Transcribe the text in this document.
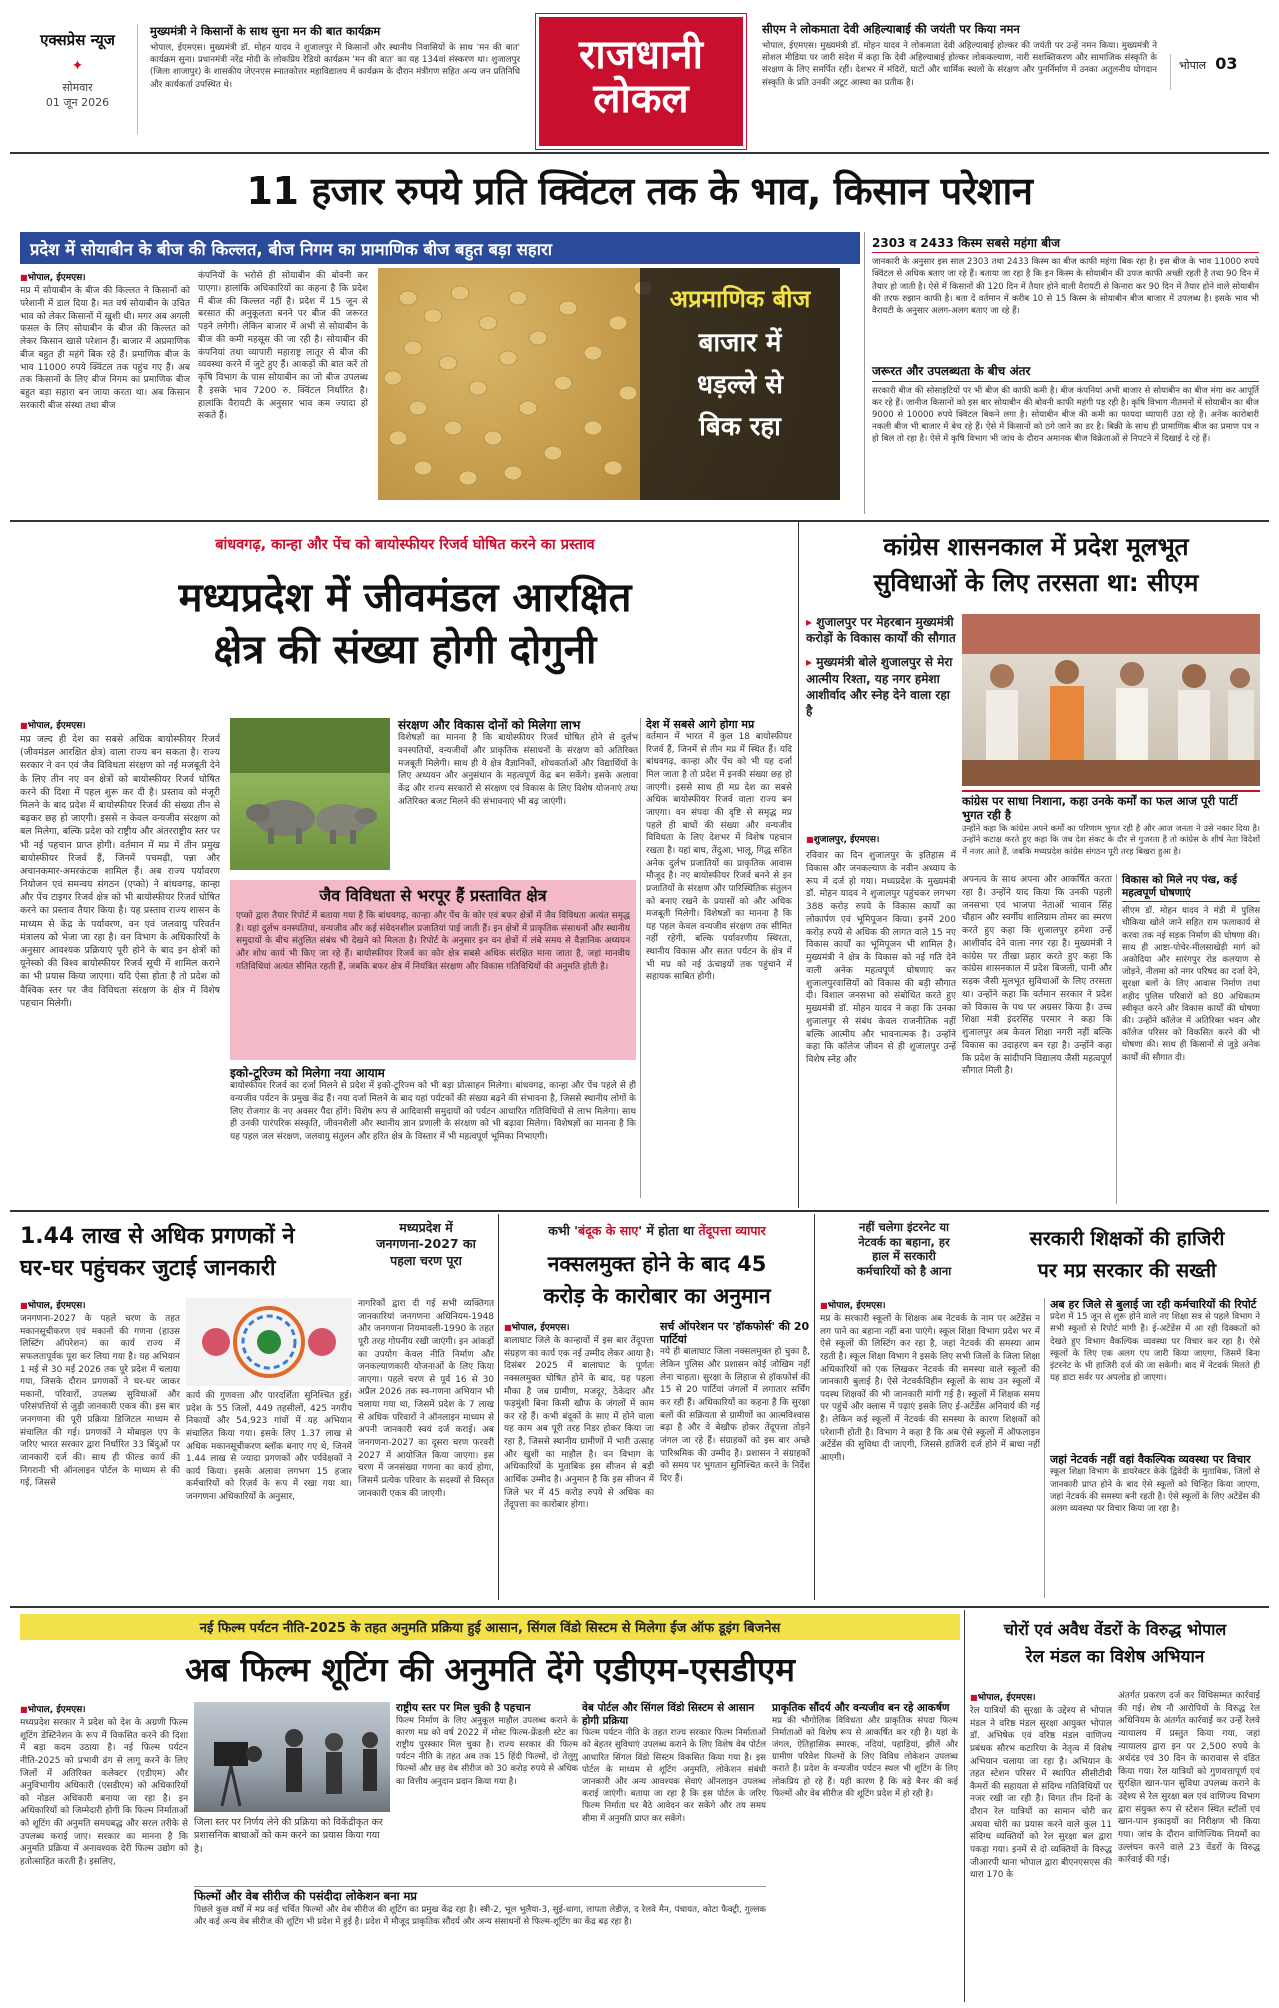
एक्सप्रेस न्यूज
✦
सोमवार
01 जून 2026
मुख्यमंत्री ने किसानों के साथ सुना मन की बात कार्यक्रम
भोपाल, ईएमएस। मुख्यमंत्री डॉ. मोहन यादव ने शुजालपुर में किसानों और स्थानीय निवासियों के साथ 'मन की बात' कार्यक्रम सुना। प्रधानमंत्री नरेंद्र मोदी के लोकप्रिय रेडियो कार्यक्रम 'मन की बात' का यह 134वां संस्करण था। शुजालपुर (जिला शाजापुर) के शासकीय जेएनएस स्नातकोत्तर महाविद्यालय में कार्यक्रम के दौरान मंत्रीगण सहित अन्य जन प्रतिनिधि और कार्यकर्ता उपस्थित थे।
राजधानी
लोकल
सीएम ने लोकमाता देवी अहिल्याबाई की जयंती पर किया नमन
भोपाल, ईएमएस। मुख्यमंत्री डॉ. मोहन यादव ने लोकमाता देवी अहिल्याबाई होल्कर की जयंती पर उन्हें नमन किया। मुख्यमंत्री ने सोशल मीडिया पर जारी संदेश में कहा कि देवी अहिल्याबाई होल्कर लोककल्याण, नारी सशक्तिकरण और सामाजिक संस्कृति के संरक्षण के लिए समर्पित रहीं। देशभर में मंदिरों, घाटों और धार्मिक स्थलों के संरक्षण और पुनर्निर्माण में उनका अतुलनीय योगदान संस्कृति के प्रति उनकी अटूट आस्था का प्रतीक है।
भोपाल 03
11 हजार रुपये प्रति क्विंटल तक के भाव, किसान परेशान
प्रदेश में सोयाबीन के बीज की किल्लत, बीज निगम का प्रामाणिक बीज बहुत बड़ा सहारा
■ भोपाल, ईएमएस।
मप्र में सोयाबीन के बीज की किल्लत ने किसानों को परेशानी में डाल दिया है। मत वर्ष सोयाबीन के उचित भाव को लेकर किसानों में खुशी थी। मगर अब अगली फसल के लिए सोयाबीन के बीज की किल्लत को लेकर किसान खासे परेशान हैं। बाजार में अप्रमाणिक बीज बहुत ही महंगे बिक रहे हैं। प्रमाणिक बीज के भाव 11000 रुपये क्विंटल तक पहुंच गए हैं। अब तक किसानों के लिए बीज निगम का प्रमाणिक बीज बहुत बड़ा सहारा बन जाया करता था। अब किसान सरकारी बीज संस्था तथा बीज
कंपनियों के भरोसे ही सोयाबीन की बोवनी कर पाएगा। हालांकि अधिकारियों का कहना है कि प्रदेश में बीज की किल्लत नहीं है। प्रदेश में 15 जून से बरसात की अनुकूलता बनने पर बीज की जरूरत पड़ने लगेगी। लेकिन बाजार में अभी से सोयाबीन के बीज की कमी महसूस की जा रही है। सोयाबीन की कंपनियां तथा व्यापारी महाराष्ट्र लातूर से बीज की व्यवस्था करने में जुटे हुए हैं। आकड़ों की बात करें तो कृषि विभाग के पास सोयाबीन का जो बीज उपलब्ध है इसके भाव 7200 रु. क्विंटल निर्धारित है। हालांकि वैरायटी के अनुसार भाव कम ज्यादा हो सकते हैं।
अप्रमाणिक बीज
बाजार में
धड़ल्ले से
बिक रहा
2303 व 2433 किस्म सबसे महंगा बीज
जानकारी के अनुसार इस साल 2303 तथा 2433 किस्म का बीज काफी महंगा बिक रहा है। इस बीज के भाव 11000 रुपये क्विंटल से अधिक बताए जा रहे हैं। बताया जा रहा है कि इन किस्म के सोयाबीन की उपज काफी अच्छी रहती है तथा 90 दिन में तैयार हो जाती है। ऐसे में किसानों की 120 दिन में तैयार होने वाली वैरायटी से किनारा कर 90 दिन में तैयार होने वाले सोयाबीन की तरफ रुझान काफी है। बता दें वर्तमान में करीब 10 से 15 किस्म के सोयाबीन बीज बाजार में उपलब्ध है। इसके भाव भी वैरायटी के अनुसार अलग-अलग बताए जा रहे हैं।
जरूरत और उपलब्धता के बीच अंतर
सरकारी बीज की सोसाइटियों पर भी बीज की काफी कमी है। बीज कंपनियां अभी बाजार से सोयाबीन का बीज मंगा कर आपूर्ति कर रहे हैं। जानीज किसानों को इस बार सोयाबीन की बोवनी काफी महंगी पड़ रही है। कृषि विभाग नीतमनों में सोयाबीन का बीज 9000 से 10000 रुपये क्विंटल बिकने लगा है। सोयाबीन बीज की कमी का फायदा व्यापारी उठा रहे हैं। अनेक कारोबारी नकली बीज भी बाजार में बेच रहे हैं। ऐसे में किसानों को ठगे जाने का डर है। बिक्री के साथ ही प्रामाणिक बीज का प्रमाण पत्र न हो बिल तो रहा है। ऐसे में कृषि विभाग भी जांच के दौरान अमानक बीज विक्रेताओं से निपटने में दिखाई दे रहे हैं।
बांधवगढ़, कान्हा और पेंच को बायोस्फीयर रिजर्व घोषित करने का प्रस्ताव
मध्यप्रदेश में जीवमंडल आरक्षित
क्षेत्र की संख्या होगी दोगुनी
■ भोपाल, ईएमएस।
मप्र जल्द ही देश का सबसे अधिक बायोस्फीयर रिजर्व (जीवमंडल आरक्षित क्षेत्र) वाला राज्य बन सकता है। राज्य सरकार ने वन एवं जैव विविधता संरक्षण को नई मजबूती देने के लिए तीन नए वन क्षेत्रों को बायोस्फीयर रिजर्व घोषित करने की दिशा में पहल शुरू कर दी है। प्रस्ताव को मंजूरी मिलने के बाद प्रदेश में बायोस्फीयर रिजर्व की संख्या तीन से बढ़कर छह हो जाएगी। इससे न केवल वन्यजीव संरक्षण को बल मिलेगा, बल्कि प्रदेश को राष्ट्रीय और अंतरराष्ट्रीय स्तर पर भी नई पहचान प्राप्त होगी। वर्तमान में मप्र में तीन प्रमुख बायोस्फीयर रिजर्व हैं, जिनमें पचमढ़ी, पन्ना और अचानकमार-अमरकंटक शामिल हैं। अब राज्य पर्यावरण नियोजन एवं समन्वय संगठन (एप्को) ने बांधवगढ़, कान्हा और पेंच टाइगर रिजर्व क्षेत्र को भी बायोस्फीयर रिजर्व घोषित करने का प्रस्ताव तैयार किया है। यह प्रस्ताव राज्य शासन के माध्यम से केंद्र के पर्यावरण, वन एवं जलवायु परिवर्तन मंत्रालय को भेजा जा रहा है। वन विभाग के अधिकारियों के अनुसार आवश्यक प्रक्रियाएं पूरी होने के बाद इन क्षेत्रों को यूनेस्को की विश्व बायोस्फीयर रिजर्व सूची में शामिल कराने का भी प्रयास किया जाएगा। यदि ऐसा होता है तो प्रदेश को वैश्विक स्तर पर जैव विविधता संरक्षण के क्षेत्र में विशेष पहचान मिलेगी।
संरक्षण और विकास दोनों को मिलेगा लाभ
विशेषज्ञों का मानना है कि बायोस्फीयर रिजर्व घोषित होने से दुर्लभ वनस्पतियों, वन्यजीवों और प्राकृतिक संसाधनों के संरक्षण को अतिरिक्त मजबूती मिलेगी। साथ ही ये क्षेत्र वैज्ञानिकों, शोधकर्ताओं और विद्यार्थियों के लिए अध्ययन और अनुसंधान के महत्वपूर्ण केंद्र बन सकेंगे। इसके अलावा केंद्र और राज्य सरकारों से संरक्षण एवं विकास के लिए विशेष योजनाएं तथा अतिरिक्त बजट मिलने की संभावनाएं भी बढ़ जाएंगी।
देश में सबसे आगे होगा मप्र
वर्तमान में भारत में कुल 18 बायोस्फीयर रिजर्व हैं, जिनमें से तीन मप्र में स्थित हैं। यदि बांधवगढ़, कान्हा और पेंच को भी यह दर्जा मिल जाता है तो प्रदेश में इनकी संख्या छह हो जाएगी। इससे साथ ही मप्र देश का सबसे अधिक बायोस्फीयर रिजर्व वाला राज्य बन जाएगा। वन संपदा की दृष्टि से समृद्ध मप्र पहले ही बाघों की संख्या और वन्यजीव विविधता के लिए देशभर में विशेष पहचान रखता है। यहां बाघ, तेंदुआ, भालू, गिद्ध सहित अनेक दुर्लभ प्रजातियों का प्राकृतिक आवास मौजूद है। नए बायोस्फीयर रिजर्व बनने से इन प्रजातियों के संरक्षण और पारिस्थितिक संतुलन को बनाए रखने के प्रयासों को और अधिक मजबूती मिलेगी। विशेषज्ञों का मानना है कि यह पहल केवल वन्यजीव संरक्षण तक सीमित नहीं रहेगी, बल्कि पर्यावरणीय स्थिरता, स्थानीय विकास और सतत पर्यटन के क्षेत्र में भी मप्र को नई ऊंचाइयों तक पहुंचाने में सहायक साबित होगी।
जैव विविधता से भरपूर हैं प्रस्तावित क्षेत्र
एप्को द्वारा तैयार रिपोर्ट में बताया गया है कि बांधवगढ़, कान्हा और पेंच के कोर एवं बफर क्षेत्रों में जैव विविधता अत्यंत समृद्ध है। यहां दुर्लभ वनस्पतियां, वन्यजीव और कई संवेदनशील प्रजातियां पाई जाती हैं। इन क्षेत्रों में प्राकृतिक संसाधनों और स्थानीय समुदायों के बीच संतुलित संबंध भी देखने को मिलता है। रिपोर्ट के अनुसार इन वन क्षेत्रों में लंबे समय से वैज्ञानिक अध्ययन और शोध कार्य भी किए जा रहे हैं। बायोस्फीयर रिजर्व का कोर क्षेत्र सबसे अधिक संरक्षित माना जाता है, जहां मानवीय गतिविधियां अत्यंत सीमित रहती हैं, जबकि बफर क्षेत्र में नियंत्रित संरक्षण और विकास गतिविधियों की अनुमति होती है।
इको-टूरिज्म को मिलेगा नया आयाम
बायोस्फीयर रिजर्व का दर्जा मिलने से प्रदेश में इको-टूरिज्म को भी बड़ा प्रोत्साहन मिलेगा। बांधवगढ़, कान्हा और पेंच पहले से ही वन्यजीव पर्यटन के प्रमुख केंद्र हैं। नया दर्जा मिलने के बाद यहां पर्यटकों की संख्या बढ़ने की संभावना है, जिससे स्थानीय लोगों के लिए रोजगार के नए अवसर पैदा होंगे। विशेष रूप से आदिवासी समुदायों को पर्यटन आधारित गतिविधियों से लाभ मिलेगा। साथ ही उनकी पारंपरिक संस्कृति, जीवनशैली और स्थानीय ज्ञान प्रणाली के संरक्षण को भी बढ़ावा मिलेगा। विशेषज्ञों का मानना है कि यह पहल जल संरक्षण, जलवायु संतुलन और हरित क्षेत्र के विस्तार में भी महत्वपूर्ण भूमिका निभाएगी।
कांग्रेस शासनकाल में प्रदेश मूलभूत
सुविधाओं के लिए तरसता था: सीएम
▸ शुजालपुर पर मेहरबान मुख्यमंत्री करोड़ों के विकास कार्यों की सौगात
▸ मुख्यमंत्री बोले शुजालपुर से मेरा आत्मीय रिश्ता, यह नगर हमेशा आशीर्वाद और स्नेह देने वाला रहा है
■ शुजालपुर, ईएमएस।
कांग्रेस पर साधा निशाना, कहा उनके कर्मों का फल आज पूरी पार्टी भुगत रही है
उन्होंने कहा कि कांग्रेस अपने कर्मों का परिणाम भुगत रही है और आज जनता ने उसे नकार दिया है। उन्होंने कटाक्ष करते हुए कहा कि जब देश संकट के दौर से गुजरता है तो कांग्रेस के शीर्ष नेता विदेशों में नजर आते हैं, जबकि मध्यप्रदेश कांग्रेस संगठन पूरी तरह बिखरा हुआ है।
रविवार का दिन शुजालपुर के इतिहास में विकास और जनकल्याण के नवीन अध्याय के रूप में दर्ज हो गया। मध्यप्रदेश के मुख्यमंत्री डॉ. मोहन यादव ने शुजालपुर पहुंचकर लगभग 388 करोड़ रुपये के विकास कार्यों का लोकार्पण एवं भूमिपूजन किया। इनमें 200 करोड़ रुपये से अधिक की लागत वाले 15 नए विकास कार्यों का भूमिपूजन भी शामिल है। मुख्यमंत्री ने क्षेत्र के विकास को नई गति देने वाली अनेक महत्वपूर्ण घोषणाएं कर शुजालपुरवासियों को विकास की बड़ी सौगात दी। विशाल जनसभा को संबोधित करते हुए मुख्यमंत्री डॉ. मोहन यादव ने कहा कि उनका शुजालपुर से संबंध केवल राजनीतिक नहीं बल्कि आत्मीय और भावनात्मक है। उन्होंने कहा कि कॉलेज जीवन से ही शुजालपुर उन्हें विशेष स्नेह और
अपनत्व के साथ अपना और आकर्षित करता रहा है। उन्होंने याद किया कि उनकी पहली जनसभा एवं भाजपा नेताओं भावान सिंह चौहान और स्वर्गीय शालिग्राम तोमर का स्मरण करते हुए कहा कि शुजालपुर हमेशा उन्हें आशीर्वाद देने वाला नगर रहा है। मुख्यमंत्री ने कांग्रेस पर तीखा प्रहार करते हुए कहा कि कांग्रेस शासनकाल में प्रदेश बिजली, पानी और सड़क जैसी मूलभूत सुविधाओं के लिए तरसता था। उन्होंने कहा कि वर्तमान सरकार ने प्रदेश को विकास के पथ पर अग्रसर किया है। उच्च शिक्षा मंत्री इंदरसिंह परमार ने कहा कि शुजालपुर अब केवल शिक्षा नगरी नहीं बल्कि विकास का उदाहरण बन रहा है। उन्होंने कहा कि प्रदेश के सांदीपनि विद्यालय जैसी महत्वपूर्ण सौगात मिली है।
विकास को मिले नए पंख, कई महत्वपूर्ण घोषणाएं
सीएम डॉ. मोहन यादव ने मंडी में पुलिस चौकिया खोले जाने सहित राम फलाकार्य से करवा तक नई सड़क निर्माण की घोषणा की। साथ ही आष्टा-पोचेर-मीलसाखेड़ी मार्ग को अकोदिया और सारंगपुर रोड कलयाण से जोड़ने, नीलमा को नगर परिषद का दर्जा देने, सुरक्षा बलों के लिए आवास निर्माण तथा शहीद पुलिस परिवारों को 80 अधिकतम स्वीकृत करने और विकास कार्यों की घोषणा की। उन्होंने कॉलेज में अतिरिक्त भवन और कॉलेज परिसर को विकसित करने की भी घोषणा की। साथ ही किसानों से जुड़े अनेक कार्यों की सौगात दी।
1.44 लाख से अधिक प्रगणकों ने
घर-घर पहुंचकर जुटाई जानकारी
मध्यप्रदेश में जनगणना-2027 का पहला चरण पूरा
■ भोपाल, ईएमएस।
जनगणना-2027 के पहले चरण के तहत मकानसूचीकरण एवं मकानों की गणना (हाउस लिस्टिंग ऑपरेशन) का कार्य राज्य में सफलतापूर्वक पूरा कर लिया गया है। यह अभियान 1 मई से 30 मई 2026 तक पूरे प्रदेश में चलाया गया, जिसके दौरान प्रगणकों ने घर-घर जाकर मकानों, परिवारों, उपलब्ध सुविधाओं और परिसंपत्तियों से जुड़ी जानकारी एकत्र की। इस बार जनगणना की पूरी प्रक्रिया डिजिटल माध्यम से संचालित की गई। प्रगणकों ने मोबाइल एप के जरिए भारत सरकार द्वारा निर्धारित 33 बिंदुओं पर जानकारी दर्ज की। साथ ही फील्ड कार्य की निगरानी भी ऑनलाइन पोर्टल के माध्यम से की गई, जिससे
कार्य की गुणवत्ता और पारदर्शिता सुनिश्चित हुई। प्रदेश के 55 जिलों, 449 तहसीलों, 425 नगरीय निकायों और 54,923 गांवों में यह अभियान संचालित किया गया। इसके लिए 1.37 लाख से अधिक मकानसूचीकरण ब्लॉक बनाए गए थे, जिनमें 1.44 लाख से ज्यादा प्रगणकों और पर्यवेक्षकों ने कार्य किया। इसके अलावा लगभग 15 हजार कर्मचारियों को रिज़र्व के रूप में रखा गया था। जनगणना अधिकारियों के अनुसार,
नागरिकों द्वारा दी गई सभी व्यक्तिगत जानकारियां जनगणना अधिनियम-1948 और जनगणना नियमावली-1990 के तहत पूरी तरह गोपनीय रखी जाएंगी। इन आंकड़ों का उपयोग केवल नीति निर्माण और जनकल्याणकारी योजनाओं के लिए किया जाएगा। पहले चरण से पूर्व 16 से 30 अप्रैल 2026 तक स्व-गणना अभियान भी चलाया गया था, जिसमें प्रदेश के 7 लाख से अधिक परिवारों ने ऑनलाइन माध्यम से अपनी जानकारी स्वयं दर्ज कराई। अब जनगणना-2027 का दूसरा चरण फरवरी 2027 में आयोजित किया जाएगा। इस चरण में जनसंख्या गणना का कार्य होगा, जिसमें प्रत्येक परिवार के सदस्यों से विस्तृत जानकारी एकत्र की जाएगी।
कभी 'बंदूक के साए' में होता था तेंदूपत्ता व्यापार
नक्सलमुक्त होने के बाद 45
करोड़ के कारोबार का अनुमान
■ भोपाल, ईएमएस।
बालाघाट जिले के कान्हावों में इस बार तेंदूपत्ता संग्रहण का कार्य एक नई उम्मीद लेकर आया है। दिसंबर 2025 में बालाघाट के पूर्णतः नक्सलमुक्त घोषित होने के बाद, यह पहला मौका है जब ग्रामीण, मजदूर, ठेकेदार और फड़मुंशी बिना किसी खौफ के जंगलों में काम कर रहे हैं। कभी बंदूकों के साए में होने वाला यह काम अब पूरी तरह निडर होकर किया जा रहा है, जिससे स्थानीय ग्रामीणों में भारी उत्साह और खुशी का माहौल है। वन विभाग के अधिकारियों के मुताबिक इस सीजन से बड़ी आर्थिक उम्मीद है। अनुमान है कि इस सीजन में जिले भर में 45 करोड़ रुपये से अधिक का तेंदूपत्ता का कारोबार होगा।
सर्च ऑपरेशन पर 'हॉकफोर्स' की 20 पार्टियां
नये ही बालाघाट जिला नक्सलमुक्त हो चुका है, लेकिन पुलिस और प्रशासन कोई जोखिम नहीं लेना चाहता। सुरक्षा के लिहाज से हॉकफोर्स की 15 से 20 पार्टियां जंगलों में लगातार सर्चिंग कर रही हैं। अधिकारियों का कहना है कि सुरक्षा बलों की सक्रियता से ग्रामीणों का आत्मविश्वास बढ़ा है और वे बेखौफ होकर तेंदूपत्ता तोड़ने जंगल जा रहे हैं। संग्राहकों को इस बार अच्छे पारिश्रमिक की उम्मीद है। प्रशासन ने संग्राहकों को समय पर भुगतान सुनिश्चित करने के निर्देश दिए हैं।
नहीं चलेगा इंटरनेट या
नेटवर्क का बहाना, हर
हाल में सरकारी
कर्मचारियों को है आना
सरकारी शिक्षकों की हाजिरी
पर मप्र सरकार की सख्ती
■ भोपाल, ईएमएस।
मप्र के सरकारी स्कूलों के शिक्षक अब नेटवर्क के नाम पर अटेंडेंस न लग पाने का बहाना नहीं बना पाएंगे। स्कूल शिक्षा विभाग प्रदेश भर में ऐसे स्कूलों की लिस्टिंग कर रहा है, जहां नेटवर्क की समस्या आम रहती है। स्कूल शिक्षा विभाग ने इसके लिए सभी जिलों के जिला शिक्षा अधिकारियों को एक लिखकर नेटवर्क की समस्या वाले स्कूलों की जानकारी बुलाई है। ऐसे नेटवर्कविहीन स्कूलों के साथ उन स्कूलों में पदस्थ शिक्षकों की भी जानकारी मांगी गई है। स्कूलों में शिक्षक समय पर पहुंचें और क्लास में पढ़ाएं इसके लिए ई-अटेंडेंस अनिवार्य की गई है। लेकिन कई स्कूलों में नेटवर्क की समस्या के कारण शिक्षकों को परेशानी होती है। विभाग ने कहा है कि अब ऐसे स्कूलों में ऑफलाइन अटेंडेंस की सुविधा दी जाएगी, जिससे हाजिरी दर्ज होने में बाधा नहीं आएगी।
अब हर जिले से बुलाई जा रही कर्मचारियों की रिपोर्ट
प्रदेश में 15 जून से शुरू होने वाले नए शिक्षा सत्र से पहले विभाग ने सभी स्कूलों से रिपोर्ट मांगी है। ई-अटेंडेंस में आ रही दिक्कतों को देखते हुए विभाग वैकल्पिक व्यवस्था पर विचार कर रहा है। ऐसे स्कूलों के लिए एक अलग एप जारी किया जाएगा, जिसमें बिना इंटरनेट के भी हाजिरी दर्ज की जा सकेगी। बाद में नेटवर्क मिलते ही यह डाटा सर्वर पर अपलोड हो जाएगा।
जहां नेटवर्क नहीं वहां वैकल्पिक व्यवस्था पर विचार
स्कूल शिक्षा विभाग के डायरेक्टर केके द्विवेदी के मुताबिक, जिलों से जानकारी प्राप्त होने के बाद ऐसे स्कूलों को चिन्हित किया जाएगा, जहां नेटवर्क की समस्या बनी रहती है। ऐसे स्कूलों के लिए अटेंडेंस की अलग व्यवस्था पर विचार किया जा रहा है।
नई फिल्म पर्यटन नीति-2025 के तहत अनुमति प्रक्रिया हुई आसान, सिंगल विंडो सिस्टम से मिलेगा ईज ऑफ डूइंग बिजनेस
अब फिल्म शूटिंग की अनुमति देंगे एडीएम-एसडीएम
■ भोपाल, ईएमएस।
मध्यप्रदेश सरकार ने प्रदेश को देश के अग्रणी फिल्म शूटिंग डेस्टिनेशन के रूप में विकसित करने की दिशा में बड़ा कदम उठाया है। नई फिल्म पर्यटन नीति-2025 को प्रभावी ढंग से लागू करने के लिए जिलों में अतिरिक्त कलेक्टर (एडीएम) और अनुविभागीय अधिकारी (एसडीएम) को अधिकारियों को नोडल अधिकारी बनाया जा रहा है। इन अधिकारियों को जिम्मेदारी होगी कि फिल्म निर्माताओं को शूटिंग की अनुमति समयबद्ध और सरल तरीके से उपलब्ध कराई जाए। सरकार का मानना है कि अनुमति प्रक्रिया में अनावश्यक देरी फिल्म उद्योग को हतोत्साहित करती है। इसलिए,
जिला स्तर पर निर्णय लेने की प्रक्रिया को विकेंद्रीकृत कर प्रशासनिक बाधाओं को कम करने का प्रयास किया गया है।
राष्ट्रीय स्तर पर मिल चुकी है पहचान
फिल्म निर्माण के लिए अनुकूल माहौल उपलब्ध कराने के कारण मप्र को वर्ष 2022 में मोस्ट फिल्म-फ्रेंडली स्टेट का राष्ट्रीय पुरस्कार मिल चुका है। राज्य सरकार की फिल्म पर्यटन नीति के तहत अब तक 15 हिंदी फिल्मों, दो तेलुगु फिल्मों और छह वेब सीरीज को 30 करोड़ रुपये से अधिक का वित्तीय अनुदान प्रदान किया गया है।
वेब पोर्टल और सिंगल विंडो सिस्टम से आसान होगी प्रक्रिया
फिल्म पर्यटन नीति के तहत राज्य सरकार फिल्म निर्माताओं को बेहतर सुविधाएं उपलब्ध कराने के लिए विशेष वेब पोर्टल आधारित सिंगल विंडो सिस्टम विकसित किया गया है। इस पोर्टल के माध्यम से शूटिंग अनुमति, लोकेशन संबंधी जानकारी और अन्य आवश्यक सेवाएं ऑनलाइन उपलब्ध कराई जाएंगी। बताया जा रहा है कि इस पोर्टल के जरिए फिल्म निर्माता घर बैठे आवेदन कर सकेंगे और तय समय सीमा में अनुमति प्राप्त कर सकेंगे।
प्राकृतिक सौंदर्य और वन्यजीव बन रहे आकर्षण
मप्र की भौगोलिक विविधता और प्राकृतिक संपदा फिल्म निर्माताओं को विशेष रूप से आकर्षित कर रही है। यहां के जंगल, ऐतिहासिक स्मारक, नदियां, पहाड़ियां, झीलें और ग्रामीण परिवेश फिल्मों के लिए विविध लोकेशन उपलब्ध कराते हैं। प्रदेश के वन्यजीव पर्यटन स्थल भी शूटिंग के लिए लोकप्रिय हो रहे हैं। यही कारण है कि बड़े बैनर की कई फिल्मों और वेब सीरीज की शूटिंग प्रदेश में हो रही है।
फिल्मों और वेब सीरीज की पसंदीदा लोकेशन बना मप्र
पिछले कुछ वर्षों में मप्र कई चर्चित फिल्मों और वेब सीरीज की शूटिंग का प्रमुख केंद्र रहा है। स्त्री-2, भूल भुलैया-3, सुई-धागा, लापता लेडीज़, द रेलवे मैन, पंचायत, कोटा फैक्ट्री, गुल्लक और कई अन्य वेब सीरीज की शूटिंग भी प्रदेश में हुई है। प्रदेश में मौजूद प्राकृतिक सौंदर्य और अन्य संसाधनों से फिल्म-शूटिंग का केंद्र बढ़ रहा है।
चोरों एवं अवैध वेंडरों के विरुद्ध भोपाल
रेल मंडल का विशेष अभियान
■ भोपाल, ईएमएस।
रेल यात्रियों की सुरक्षा के उद्देश्य से भोपाल मंडल ने वरिष्ठ मंडल सुरक्षा आयुक्त भोपाल डॉ. अभिषेक एवं वरिष्ठ मंडल वाणिज्य प्रबंधक सौरभ कटारिया के नेतृत्व में विशेष अभियान चलाया जा रहा है। अभियान के तहत स्टेशन परिसर में स्थापित सीसीटीवी कैमरों की सहायता से संदिग्ध गतिविधियों पर नजर रखी जा रही है। विगत तीन दिनों के दौरान रेल यात्रियों का सामान चोरी कर अथवा चोरी का प्रयास करने वाले कुल 11 संदिग्ध व्यक्तियों को रेल सुरक्षा बल द्वारा पकड़ा गया। इनमें से दो व्यक्तियों के विरुद्ध जीआरपी थाना भोपाल द्वारा बीएनएसएस की धारा 170 के
अंतर्गत प्रकरण दर्ज कर विधिसम्मत कार्रवाई की गई। शेष नौ आरोपियों के विरुद्ध रेल अधिनियम के अंतर्गत कार्रवाई कर उन्हें रेलवे न्यायालय में प्रस्तुत किया गया, जहां न्यायालय द्वारा इन पर 2,500 रुपये के अर्थदंड एवं 30 दिन के कारावास से दंडित किया गया। रेल यात्रियों को गुणवत्तापूर्ण एवं सुरक्षित खान-पान सुविधा उपलब्ध कराने के उद्देश्य से रेल सुरक्षा बल एवं वाणिज्य विभाग द्वारा संयुक्त रूप से स्टेशन स्थित स्टॉलों एवं खान-पान इकाइयों का निरीक्षण भी किया गया। जांच के दौरान वाणिज्यिक नियमों का उल्लंघन करने वाले 23 वेंडरों के विरुद्ध कार्रवाई की गई।
